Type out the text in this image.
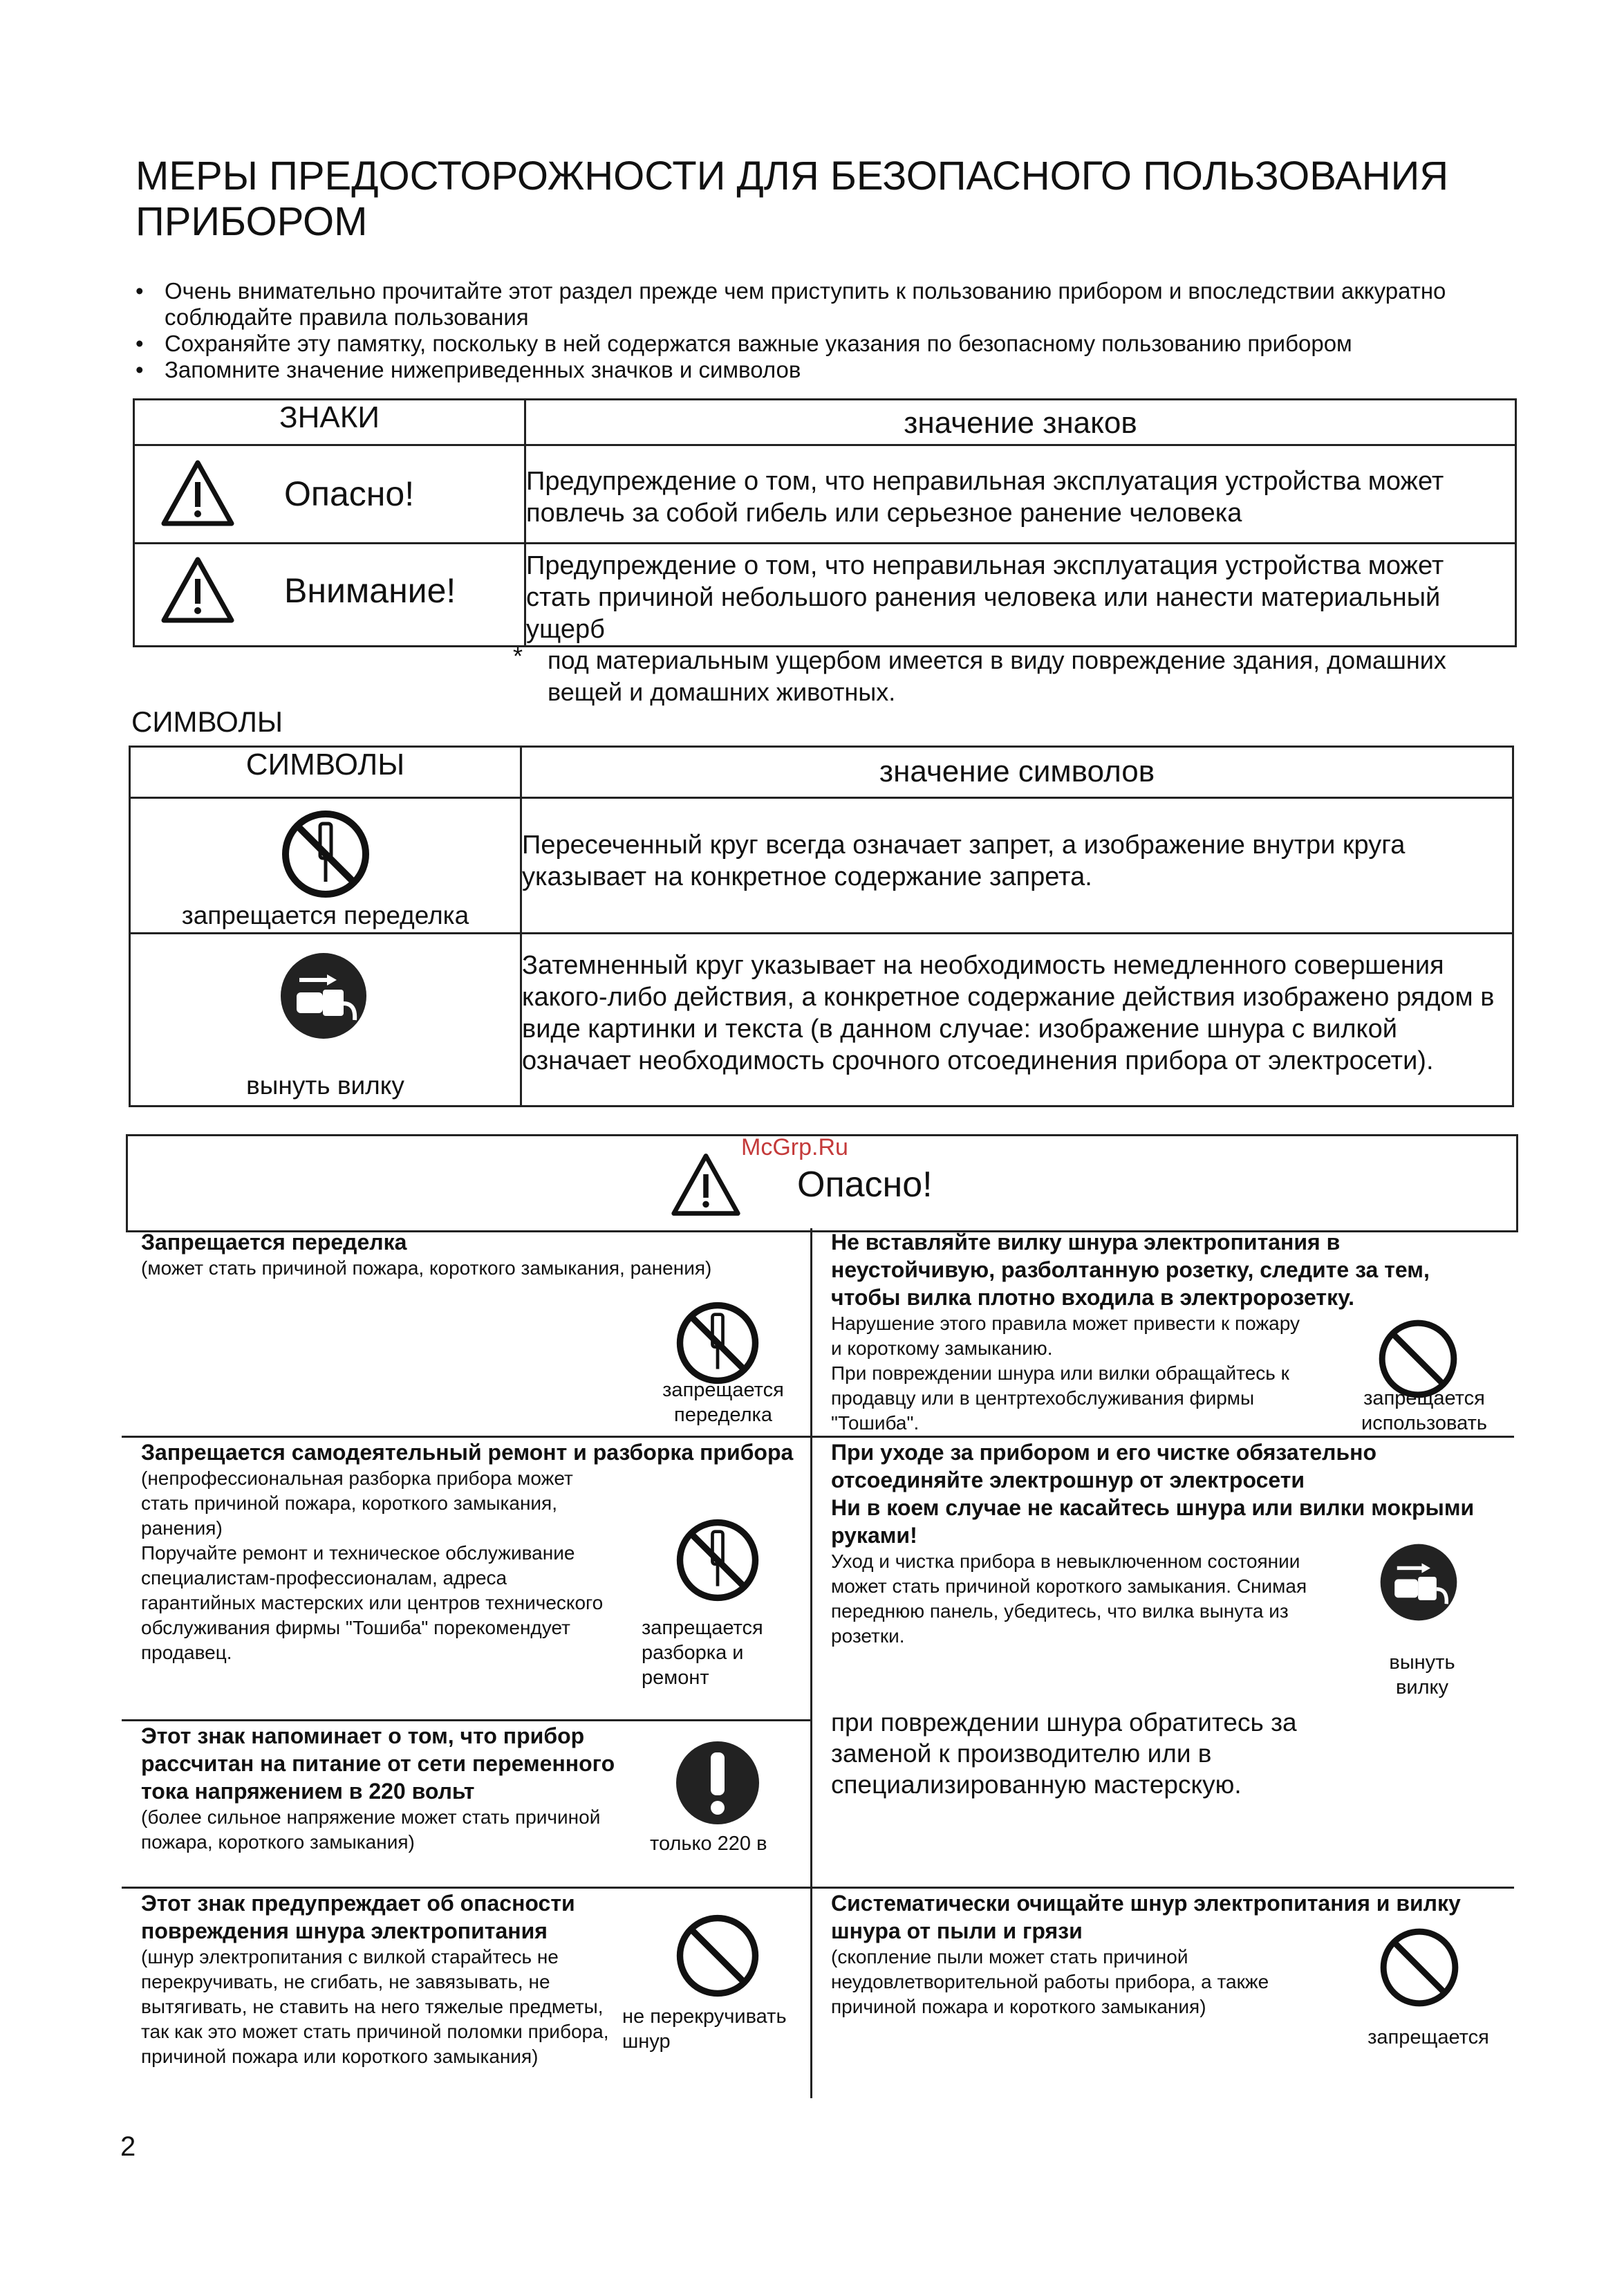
МЕРЫ ПРЕДОСТОРОЖНОСТИ ДЛЯ БЕЗОПАСНОГО ПОЛЬЗОВАНИЯ ПРИБОРОМ
• Очень внимательно прочитайте этот раздел прежде чем приступить к пользованию прибором и впоследствии аккуратно соблюдайте правила пользования
• Сохраняйте эту памятку, поскольку в ней содержатся важные указания по безопасному пользованию прибором
• Запомните значение нижеприведенных значков и символов
ЗНАКИ	значение знаков

Опасно!	Предупреждение о том, что неправильная эксплуатация устройства может повлечь за собой гибель или серьезное ранение человека

Внимание!	Предупреждение о том, что неправильная эксплуатация устройства может стать причиной небольшого ранения человека или нанести материальный ущерб
* под материальным ущербом имеется в виду повреждение здания, домашних вещей и домашних животных.
СИМВОЛЫ
СИМВОЛЫ	значение символов

запрещается переделка	Пересеченный круг всегда означает запрет, а изображение внутри круга указывает на конкретное содержание запрета.

вынуть вилку	Затемненный круг указывает на необходимость немедленного совершения какого-либо действия, а конкретное содержание действия изображено рядом в виде картинки и текста (в данном случае: изображение шнура с вилкой означает необходимость срочного отсоединения прибора от электросети).
Опасно!
McGrp.Ru
Запрещается переделка
(может стать причиной пожара, короткого замыкания, ранения)
запрещается
переделка
Запрещается самодеятельный ремонт и разборка прибора
(непрофессиональная разборка прибора может стать причиной пожара, короткого замыкания, ранения)
Поручайте ремонт и техническое обслуживание специалистам-профессионалам, адреса гарантийных мастерских или центров технического обслуживания фирмы "Тошиба" порекомендует продавец.
запрещается
разборка и
ремонт
Этот знак напоминает о том, что прибор рассчитан на питание от сети переменного тока напряжением в 220 вольт
(более сильное напряжение может стать причиной пожара, короткого замыкания)	только 220 в
Этот знак предупреждает об опасности повреждения шнура электропитания
(шнур электропитания с вилкой старайтесь не перекручивать, не сгибать, не завязывать, не вытягивать, не ставить на него тяжелые предметы, так как это может стать причиной поломки прибора, причиной пожара или короткого замыкания)
не перекручивать
шнур
Не вставляйте вилку шнура электропитания в неустойчивую, разболтанную розетку, следите за тем, чтобы вилка плотно входила в электророзетку.
Нарушение этого правила может привести к пожару и короткому замыканию.
При повреждении шнура или вилки обращайтесь к продавцу или в центртехобслуживания фирмы "Тошиба".
запрещается
использовать
При уходе за прибором и его чистке обязательно отсоединяйте электрошнур от электросети
Ни в коем случае не касайтесь шнура или вилки мокрыми руками!
Уход и чистка прибора в невыключенном состоянии может стать причиной короткого замыкания. Снимая переднюю панель, убедитесь, что вилка вынута из розетки.
вынуть
вилку
при повреждении шнура обратитесь за заменой к производителю или в специализированную мастерскую.
Систематически очищайте шнур электропитания и вилку шнура от пыли и грязи
(скопление пыли может стать причиной неудовлетворительной работы прибора, а также причиной пожара и короткого замыкания)
запрещается
2
